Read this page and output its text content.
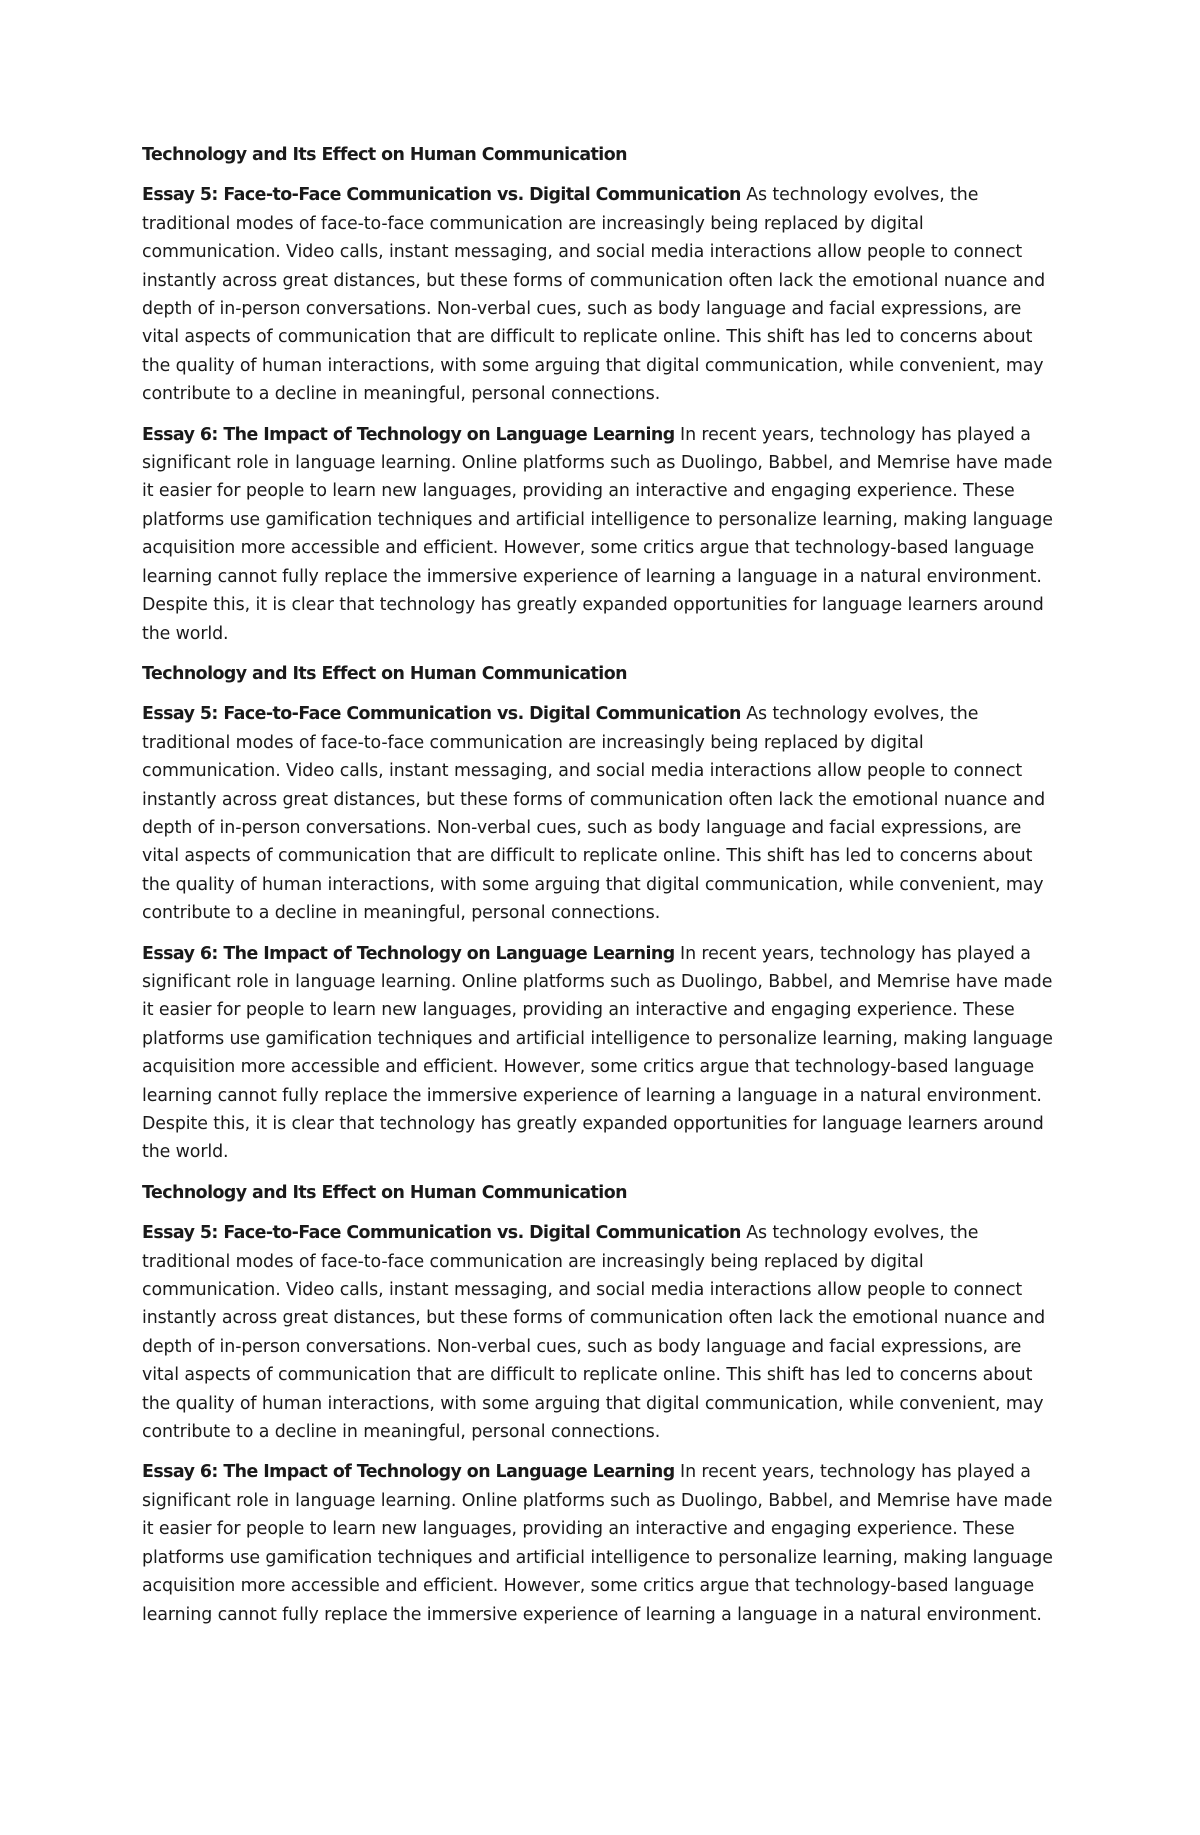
Technology and Its Effect on Human Communication

Essay 5: Face-to-Face Communication vs. Digital Communication As technology evolves, the traditional modes of face-to-face communication are increasingly being replaced by digital communication. Video calls, instant messaging, and social media interactions allow people to connect instantly across great distances, but these forms of communication often lack the emotional nuance and depth of in-person conversations. Non-verbal cues, such as body language and facial expressions, are vital aspects of communication that are difficult to replicate online. This shift has led to concerns about the quality of human interactions, with some arguing that digital communication, while convenient, may contribute to a decline in meaningful, personal connections.

Essay 6: The Impact of Technology on Language Learning In recent years, technology has played a significant role in language learning. Online platforms such as Duolingo, Babbel, and Memrise have made it easier for people to learn new languages, providing an interactive and engaging experience. These platforms use gamification techniques and artificial intelligence to personalize learning, making language acquisition more accessible and efficient. However, some critics argue that technology-based language learning cannot fully replace the immersive experience of learning a language in a natural environment. Despite this, it is clear that technology has greatly expanded opportunities for language learners around the world.

Technology and Its Effect on Human Communication

Essay 5: Face-to-Face Communication vs. Digital Communication As technology evolves, the traditional modes of face-to-face communication are increasingly being replaced by digital communication. Video calls, instant messaging, and social media interactions allow people to connect instantly across great distances, but these forms of communication often lack the emotional nuance and depth of in-person conversations. Non-verbal cues, such as body language and facial expressions, are vital aspects of communication that are difficult to replicate online. This shift has led to concerns about the quality of human interactions, with some arguing that digital communication, while convenient, may contribute to a decline in meaningful, personal connections.

Essay 6: The Impact of Technology on Language Learning In recent years, technology has played a significant role in language learning. Online platforms such as Duolingo, Babbel, and Memrise have made it easier for people to learn new languages, providing an interactive and engaging experience. These platforms use gamification techniques and artificial intelligence to personalize learning, making language acquisition more accessible and efficient. However, some critics argue that technology-based language learning cannot fully replace the immersive experience of learning a language in a natural environment. Despite this, it is clear that technology has greatly expanded opportunities for language learners around the world.

Technology and Its Effect on Human Communication

Essay 5: Face-to-Face Communication vs. Digital Communication As technology evolves, the traditional modes of face-to-face communication are increasingly being replaced by digital communication. Video calls, instant messaging, and social media interactions allow people to connect instantly across great distances, but these forms of communication often lack the emotional nuance and depth of in-person conversations. Non-verbal cues, such as body language and facial expressions, are vital aspects of communication that are difficult to replicate online. This shift has led to concerns about the quality of human interactions, with some arguing that digital communication, while convenient, may contribute to a decline in meaningful, personal connections.

Essay 6: The Impact of Technology on Language Learning In recent years, technology has played a significant role in language learning. Online platforms such as Duolingo, Babbel, and Memrise have made it easier for people to learn new languages, providing an interactive and engaging experience. These platforms use gamification techniques and artificial intelligence to personalize learning, making language acquisition more accessible and efficient. However, some critics argue that technology-based language learning cannot fully replace the immersive experience of learning a language in a natural environment.
